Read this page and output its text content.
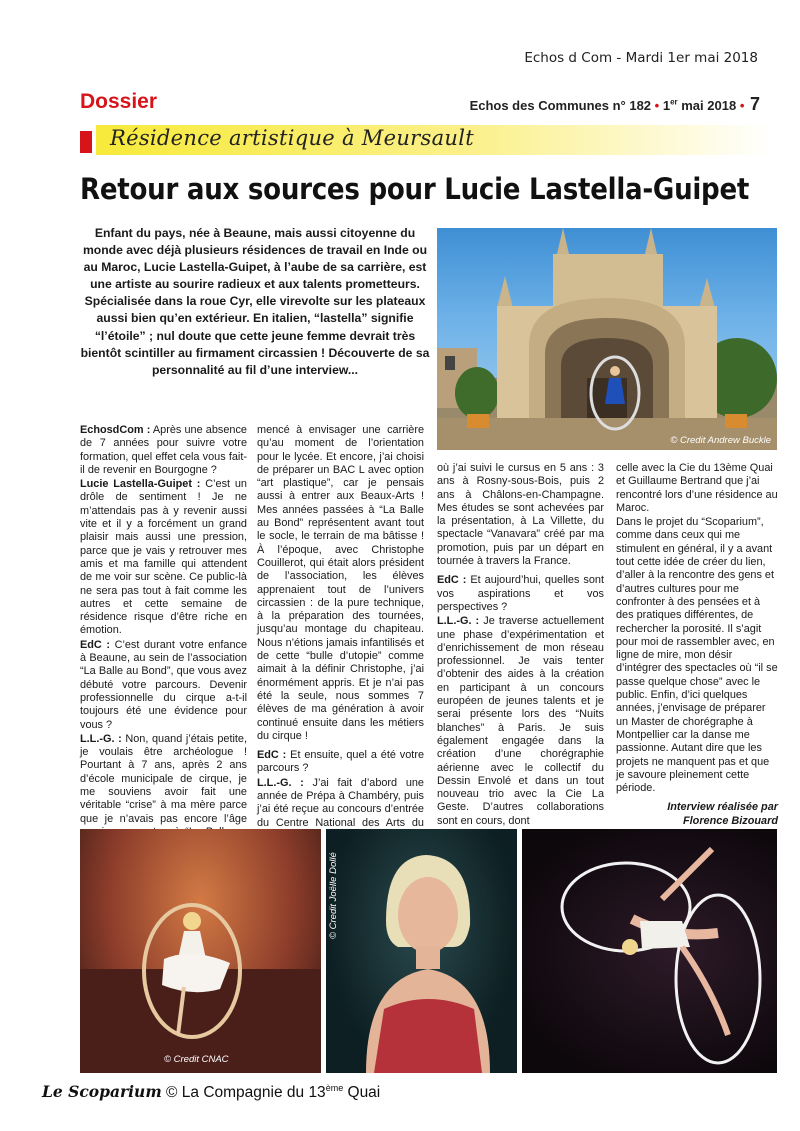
Echos d Com - Mardi 1er mai 2018
Dossier	Echos des Communes n° 182 • 1er mai 2018 • 7
Résidence artistique à Meursault
Retour aux sources pour Lucie Lastella-Guipet
Enfant du pays, née à Beaune, mais aussi citoyenne du monde avec déjà plusieurs résidences de travail en Inde ou au Maroc, Lucie Lastella-Guipet, à l’aube de sa carrière, est une artiste au sourire radieux et aux talents prometteurs. Spécialisée dans la roue Cyr, elle virevolte sur les plateaux aussi bien qu’en extérieur. En italien, “lastella” signifie “l’étoile” ; nul doute que cette jeune femme devrait très bientôt scintiller au firmament circassien ! Découverte de sa personnalité au fil d’une interview...
© Credit Andrew Buckle

EchosdCom : Après une absence de 7 années pour suivre votre formation, quel effet cela vous fait-il de revenir en Bourgogne ?

Lucie Lastella-Guipet : C’est un drôle de sentiment ! Je ne m’attendais pas à y revenir aussi vite et il y a forcément un grand plaisir mais aussi une pression, parce que je vais y retrouver mes amis et ma famille qui attendent de me voir sur scène. Ce public-là ne sera pas tout à fait comme les autres et cette semaine de résidence risque d’être riche en émotion.

EdC : C’est durant votre enfance à Beaune, au sein de l’association “La Balle au Bond”, que vous avez débuté votre parcours. Devenir professionnelle du cirque a-t-il toujours été une évidence pour vous ?

L.L.-G. : Non, quand j’étais petite, je voulais être archéologue ! Pourtant à 7 ans, après 2 ans d’école municipale de cirque, je me souviens avoir fait une véritable “crise” à ma mère parce que je n’avais pas encore l’âge

mencé à envisager une carrière qu’au moment de l’orientation pour le lycée. Et encore, j’ai choisi de préparer un BAC L avec option “art plastique”, car je pensais aussi à entrer aux Beaux-Arts ! Mes années passées à “La Balle au Bond” représentent avant tout le socle, le terrain de ma bâtisse ! À l’époque, avec Christophe Couillerot, qui était alors président de l’association, les élèves apprenaient tout de l’univers circassien : de la pure technique, à la préparation des tournées, jusqu’au montage du chapiteau. Nous n’étions jamais infantilisés et de cette “bulle d’utopie” comme aimait à la définir Christophe, j’ai énormément appris. Et je n’ai pas été la seule, nous sommes 7 élèves de ma génération à avoir continué ensuite dans les métiers du cirque !

EdC : Et ensuite, quel a été votre parcours ?

L.L.-G. : J’ai fait d’abord une année de Prépa à Chambéry, puis j’ai été reçue au concours d’entrée du Centre National des Arts du

où j’ai suivi le cursus en 5 ans : 3 ans à Rosny-sous-Bois, puis 2 ans à Châlons-en-Champagne. Mes études se sont achevées par la présentation, à La Villette, du spectacle “Vanavara” créé par ma promotion, puis par un départ en tournée à travers la France.

EdC : Et aujourd’hui, quelles sont vos aspirations et vos perspectives ?

L.L.-G. : Je traverse actuellement une phase d’expérimentation et d’enrichissement de mon réseau professionnel. Je vais tenter d’obtenir des aides à la création en participant à un concours européen de jeunes talents et je serai présente lors des “Nuits blanches” à Paris. Je suis également engagée dans la création d’une chorégraphie aérienne avec le collectif du Dessin Envolé et dans un tout nouveau trio avec la Cie La Geste. D’autres collaborations sont en cours, dont

celle avec la Cie du 13ème Quai et Guillaume Bertrand que j’ai rencontré lors d’une résidence au Maroc.

Dans le projet du “Scoparium”, comme dans ceux qui me stimulent en général, il y a avant tout cette idée de créer du lien, d’aller à la rencontre des gens et d’autres cultures pour me confronter à des pensées et à des pratiques différentes, de rechercher la porosité. Il s’agit pour moi de rassembler avec, en ligne de mire, mon désir d’intégrer des spectacles où “il se passe quelque chose” avec le public. Enfin, d’ici quelques années, j’envisage de préparer un Master de chorégraphe à Montpellier car la danse me passionne. Autant dire que les projets ne manquent pas et que je savoure pleinement cette période.

Interview réalisée par
Florence Bizouard
© Credit CNAC
© Credit Joëlle Dollé
Le Scoparium © La Compagnie du 13ème Quai
